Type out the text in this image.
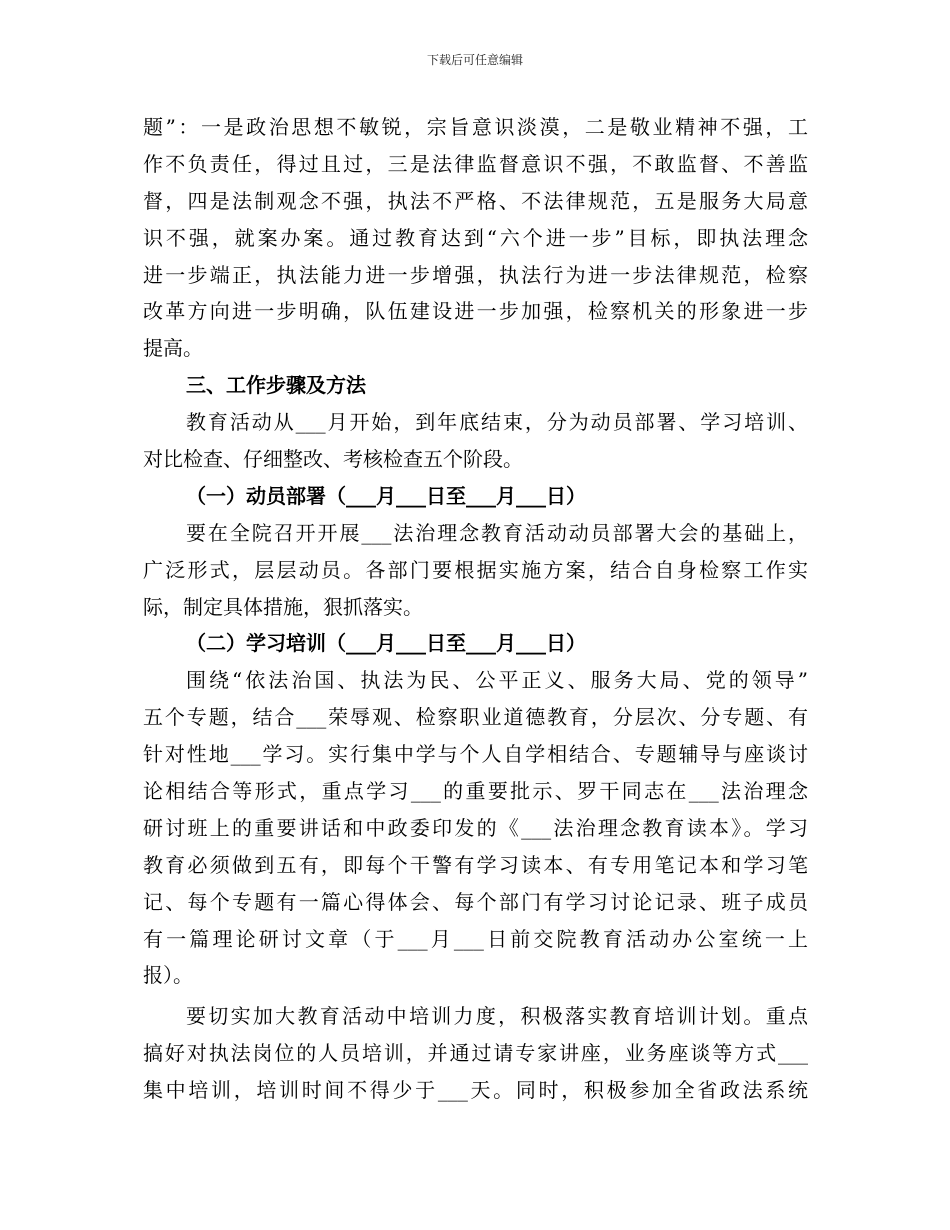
下载后可任意编辑
题”：一是政治思想不敏锐，宗旨意识淡漠，二是敬业精神不强，工
作不负责任，得过且过，三是法律监督意识不强，不敢监督、不善监
督，四是法制观念不强，执法不严格、不法律规范，五是服务大局意
识不强，就案办案。通过教育达到“六个进一步”目标，即执法理念
进一步端正，执法能力进一步增强，执法行为进一步法律规范，检察
改革方向进一步明确，队伍建设进一步加强，检察机关的形象进一步
提高。
三、工作步骤及方法
教育活动从___月开始，到年底结束，分为动员部署、学习培训、
对比检查、仔细整改、考核检查五个阶段。
（一）动员部署（___月___日至___月___日）
要在全院召开开展___法治理念教育活动动员部署大会的基础上，
广泛形式，层层动员。各部门要根据实施方案，结合自身检察工作实
际，制定具体措施，狠抓落实。
（二）学习培训（___月___日至___月___日）
围绕“依法治国、执法为民、公平正义、服务大局、党的领导”
五个专题，结合___荣辱观、检察职业道德教育，分层次、分专题、有
针对性地___学习。实行集中学与个人自学相结合、专题辅导与座谈讨
论相结合等形式，重点学习___的重要批示、罗干同志在___法治理念
研讨班上的重要讲话和中政委印发的《___法治理念教育读本》。学习
教育必须做到五有，即每个干警有学习读本、有专用笔记本和学习笔
记、每个专题有一篇心得体会、每个部门有学习讨论记录、班子成员
有一篇理论研讨文章（于___月___日前交院教育活动办公室统一上
报）。
要切实加大教育活动中培训力度，积极落实教育培训计划。重点
搞好对执法岗位的人员培训，并通过请专家讲座，业务座谈等方式___
集中培训，培训时间不得少于___天。同时，积极参加全省政法系统
